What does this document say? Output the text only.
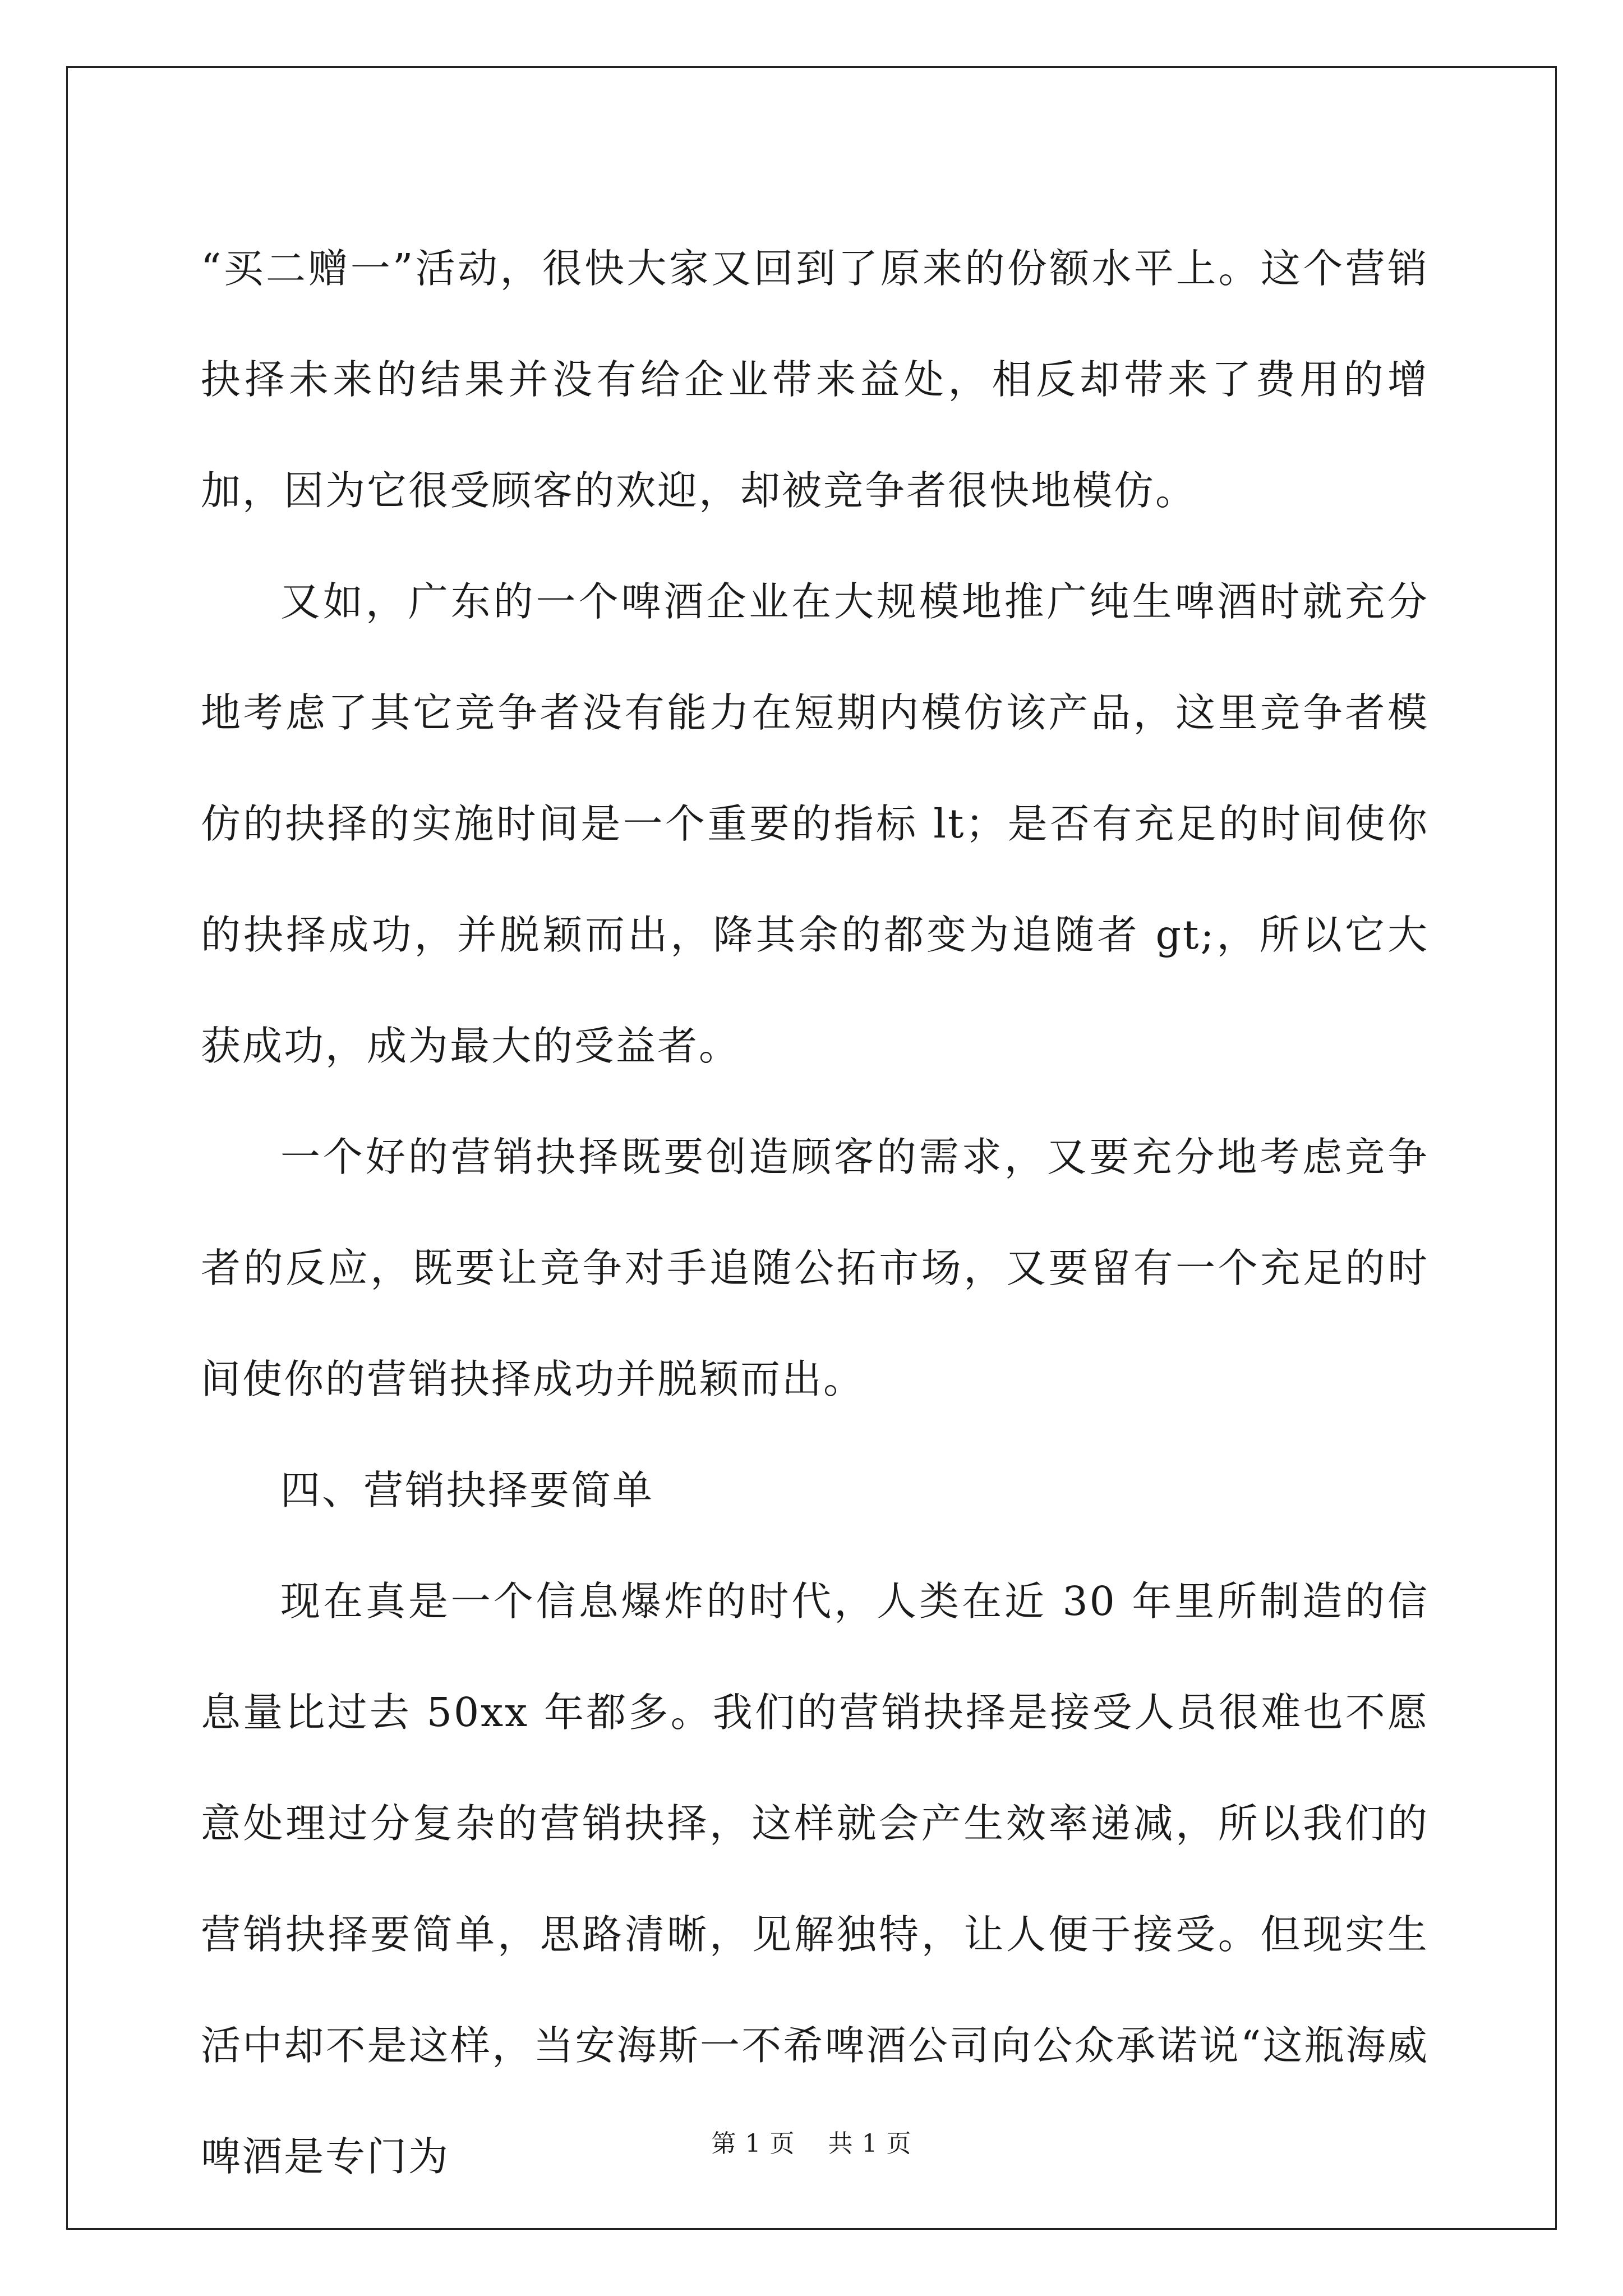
“买二赠一”活动，很快大家又回到了原来的份额水平上。这个营销抉择未来的结果并没有给企业带来益处，相反却带来了费用的增加，因为它很受顾客的欢迎，却被竞争者很快地模仿。

又如，广东的一个啤酒企业在大规模地推广纯生啤酒时就充分地考虑了其它竞争者没有能力在短期内模仿该产品，这里竞争者模仿的抉择的实施时间是一个重要的指标 lt；是否有充足的时间使你的抉择成功，并脱颖而出，降其余的都变为追随者 gt;，所以它大获成功，成为最大的受益者。

一个好的营销抉择既要创造顾客的需求，又要充分地考虑竞争者的反应，既要让竞争对手追随公拓市场，又要留有一个充足的时间使你的营销抉择成功并脱颖而出。

四、营销抉择要简单

现在真是一个信息爆炸的时代，人类在近 30 年里所制造的信息量比过去 50xx 年都多。我们的营销抉择是接受人员很难也不愿意处理过分复杂的营销抉择，这样就会产生效率递减，所以我们的营销抉择要简单，思路清晰，见解独特，让人便于接受。但现实生活中却不是这样，当安海斯一不希啤酒公司向公众承诺说“这瓶海威啤酒是专门为	第 1 页 共 1 页
